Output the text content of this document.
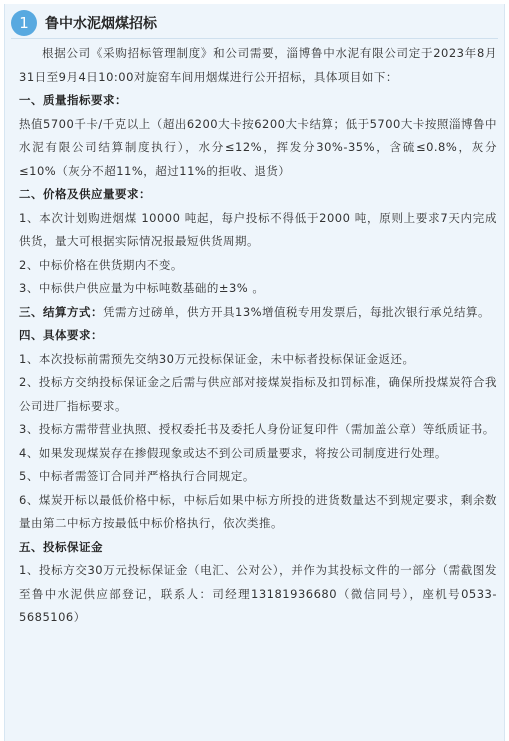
1	鲁中水泥烟煤招标

根据公司《采购招标管理制度》和公司需要，淄博鲁中水泥有限公司定于2023年8月31日至9月4日10:00对旋窑车间用烟煤进行公开招标，具体项目如下：

一、质量指标要求：

热值5700千卡/千克以上（超出6200大卡按6200大卡结算；低于5700大卡按照淄博鲁中水泥有限公司结算制度执行），水分≤12%，挥发分30%-35%，含硫≤0.8%，灰分≤10%（灰分不超11%，超过11%的拒收、退货）

二、价格及供应量要求：

1、本次计划购进烟煤 10000 吨起，每户投标不得低于2000 吨，原则上要求7天内完成供货，量大可根据实际情况报最短供货周期。

2、中标价格在供货期内不变。

3、中标供户供应量为中标吨数基础的±3% 。

三、结算方式：凭需方过磅单，供方开具13%增值税专用发票后，每批次银行承兑结算。

四、具体要求：

1、本次投标前需预先交纳30万元投标保证金，未中标者投标保证金返还。

2、投标方交纳投标保证金之后需与供应部对接煤炭指标及扣罚标准，确保所投煤炭符合我公司进厂指标要求。

3、投标方需带营业执照、授权委托书及委托人身份证复印件（需加盖公章）等纸质证书。

4、如果发现煤炭存在掺假现象或达不到公司质量要求，将按公司制度进行处理。

5、中标者需签订合同并严格执行合同规定。

6、煤炭开标以最低价格中标，中标后如果中标方所投的进货数量达不到规定要求，剩余数量由第二中标方按最低中标价格执行，依次类推。

五、投标保证金

1、投标方交30万元投标保证金（电汇、公对公），并作为其投标文件的一部分（需截图发至鲁中水泥供应部登记，联系人：司经理13181936680（微信同号），座机号0533-5685106）
